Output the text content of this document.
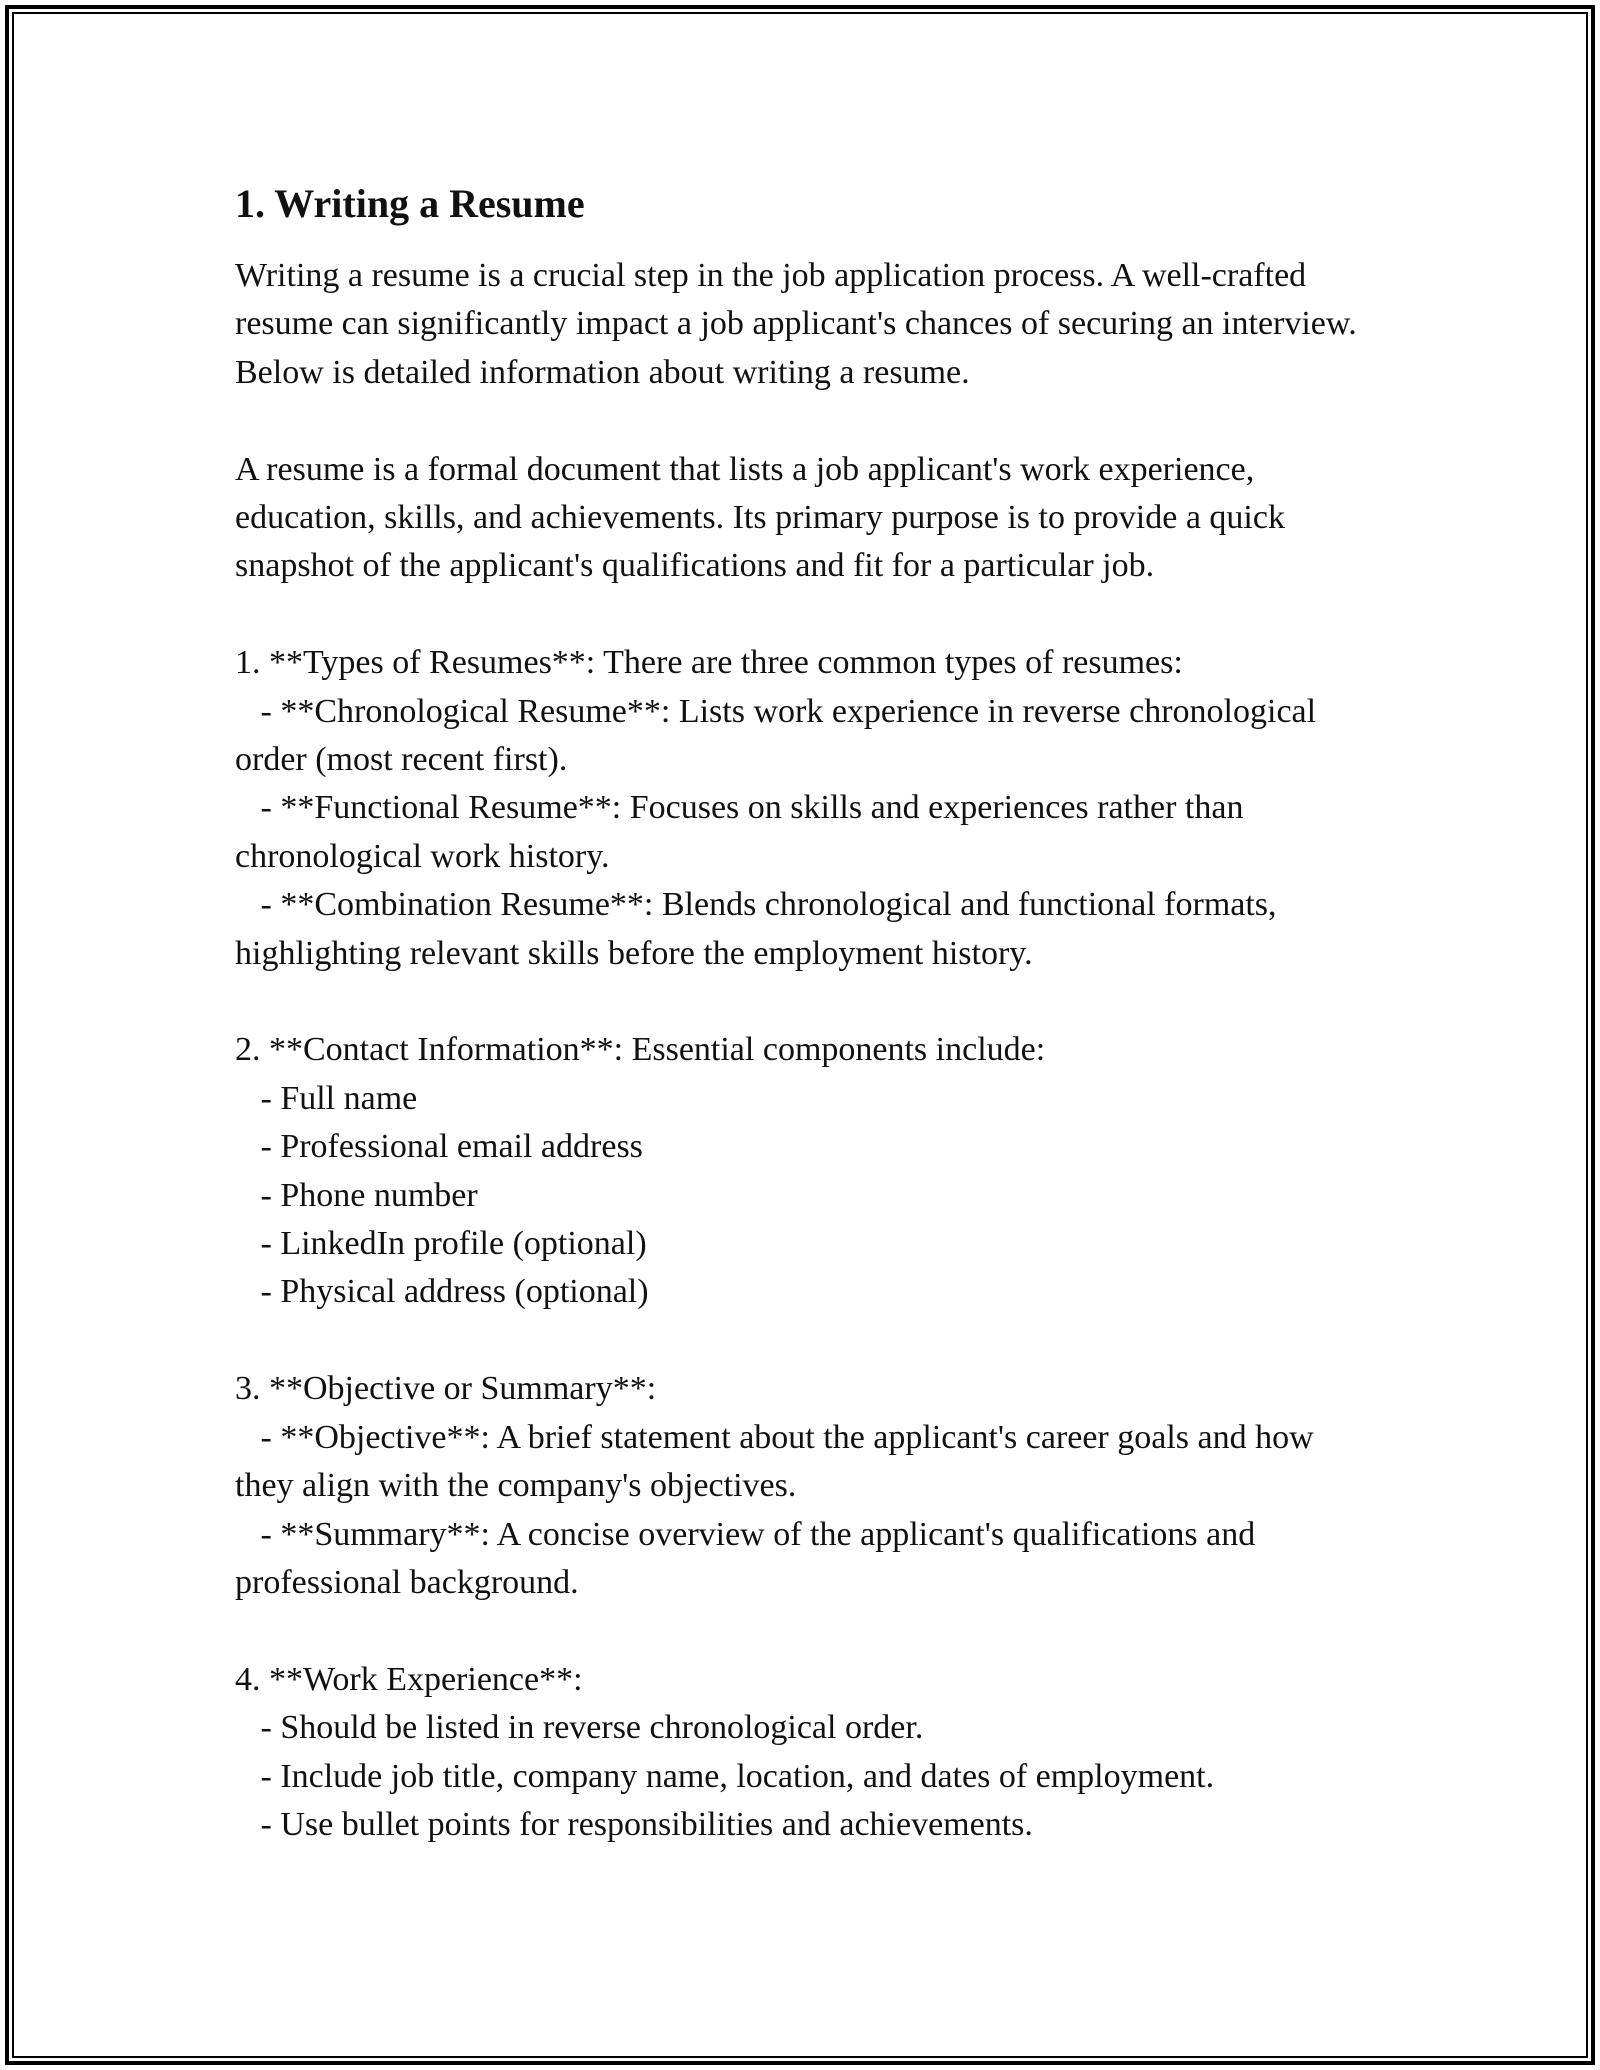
1. Writing a Resume

Writing a resume is a crucial step in the job application process. A well-crafted resume can significantly impact a job applicant's chances of securing an interview. Below is detailed information about writing a resume.

A resume is a formal document that lists a job applicant's work experience, education, skills, and achievements. Its primary purpose is to provide a quick snapshot of the applicant's qualifications and fit for a particular job.

1. **Types of Resumes**: There are three common types of resumes:

- **Chronological Resume**: Lists work experience in reverse chronological order (most recent first).

- **Functional Resume**: Focuses on skills and experiences rather than chronological work history.

- **Combination Resume**: Blends chronological and functional formats, highlighting relevant skills before the employment history.

2. **Contact Information**: Essential components include:

- Full name

- Professional email address

- Phone number

- LinkedIn profile (optional)

- Physical address (optional)

3. **Objective or Summary**:

- **Objective**: A brief statement about the applicant's career goals and how they align with the company's objectives.

- **Summary**: A concise overview of the applicant's qualifications and professional background.

4. **Work Experience**:

- Should be listed in reverse chronological order.

- Include job title, company name, location, and dates of employment.

- Use bullet points for responsibilities and achievements.
